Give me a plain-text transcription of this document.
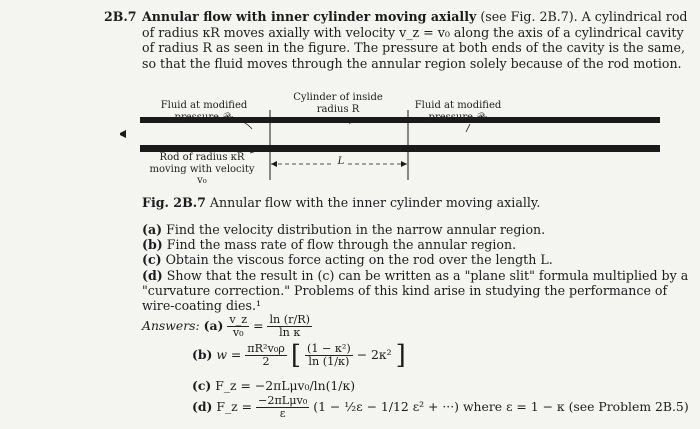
2B.7 Annular flow with inner cylinder moving axially (see Fig. 2B.7). A cylindrical rod of radius κR moves axially with velocity v_z = v₀ along the axis of a cylindrical cavity of radius R as seen in the figure. The pressure at both ends of the cavity is the same, so that the fluid moves through the annular region solely because of the rod motion.
Fluid at modified pressure 𝒫₀
Cylinder of inside radius R	Fluid at modified pressure 𝒫₀
Rod of radius κR moving with velocity v₀
L
Fig. 2B.7 Annular flow with the inner cylinder moving axially.

(a) Find the velocity distribution in the narrow annular region.

(b) Find the mass rate of flow through the annular region.

(c) Obtain the viscous force acting on the rod over the length L.

(d) Show that the result in (c) can be written as a "plane slit" formula multiplied by a "curvature correction." Problems of this kind arise in studying the performance of wire-coating dies.¹

Answers: $(a) \frac{v\_z}{\text{v₀}} = \frac{\ln (r/R)}{\text{ln κ}}$
(b) $w = \frac{\text{πR²v₀ρ}}{2}$ [ $\frac{\text{(1 − κ²)}}{\ln (1/\kappa)} - 2\kappa^2$ ]
(c) F_z = −2πLμv₀/ln(1/κ)
(d) F_z = $\frac{\text{−2πLμv₀}}{\varepsilon} (1$ − ½ε − 1/12 ε² + ···) where ε = 1 − κ (see Problem 2B.5)
